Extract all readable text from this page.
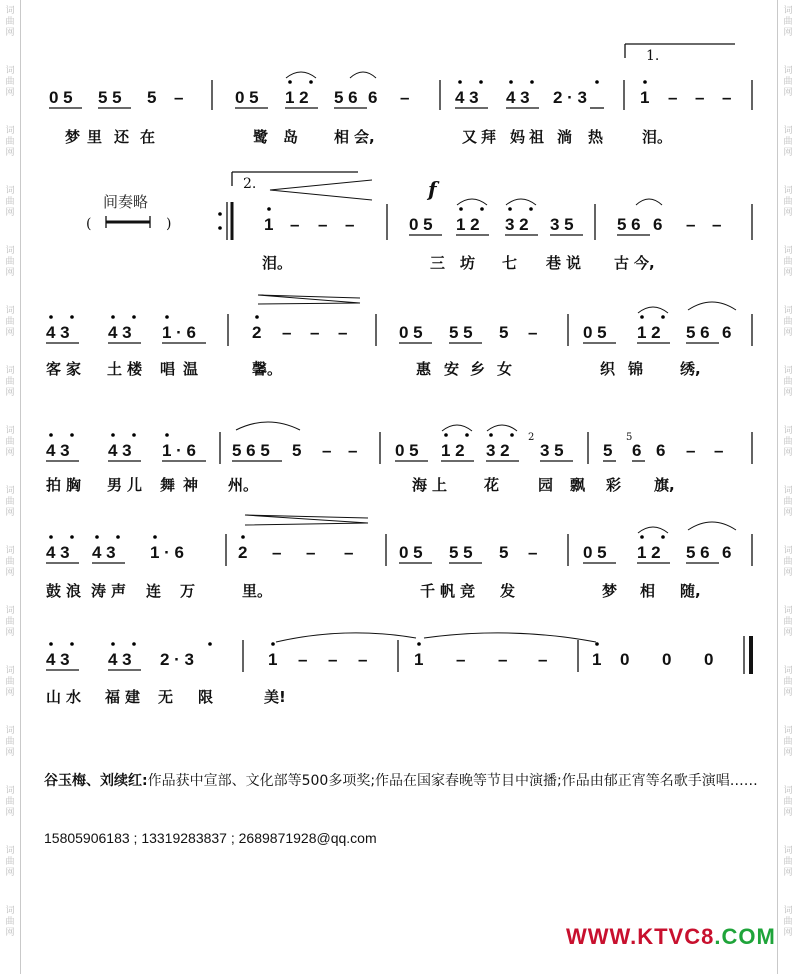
词
曲
网
词
曲
网
词
曲
网
词
曲
网
词
曲
网
词
曲
网
词
曲
网
词
曲
网
词
曲
网
词
曲
网
词
曲
网
词
曲
网
词
曲
网
词
曲
网
词
曲
网
词
曲
网
词
曲
网
词
曲
网
词
曲
网
词
曲
网
词
曲
网
词
曲
网
词
曲
网
词
曲
网
词
曲
网
词
曲
网
词
曲
网
词
曲
网
词
曲
网
词
曲
网
词
曲
网
词
曲
网
1.
0 5 5 5 5 –	0 5 1 2 5 6 6 –	4 3 4 3 2 · 3	1 – – –
梦 里 还 在	鹭 岛 相 会,	又 拜 妈 祖 淌 热	泪。
间奏略
(	)
2.	f
1 – – –	0 5 1 2 3 2 3 5	5 6 6 – –
泪。	三 坊 七 巷 说 古 今,
4 3 4 3 1 · 6	2 – – –	0 5 5 5 5 –	0 5 1 2 5 6 6
客 家 土 楼 唱 温	馨。	惠 安 乡 女	织 锦 绣,
4 3 4 3 1 · 6 5 6 5 5 – – 0 5 1 2 3 2
2
3 5 5
5
6 6 – –
拍 胸 男 儿 舞 神 州。	海 上 花	园 飘 彩 旗,
4 3 4 3 1 · 6	2 – – –	0 5 5 5 5 –	0 5 1 2 5 6 6
鼓 浪 涛 声 连 万	里。	千 帆 竞 发	梦 相 随,
4 3 4 3 2 · 3	1 – – –	1 – – –	1 0 0 0
山 水 福 建 无 限	美!
谷玉梅、刘续红:作品获中宣部、文化部等500多项奖;作品在国家春晚等节目中演播;作品由郁正宵等名歌手演唱……
15805906183 ; 13319283837 ; 2689871928@qq.com
WWW.KTVC8.COM
